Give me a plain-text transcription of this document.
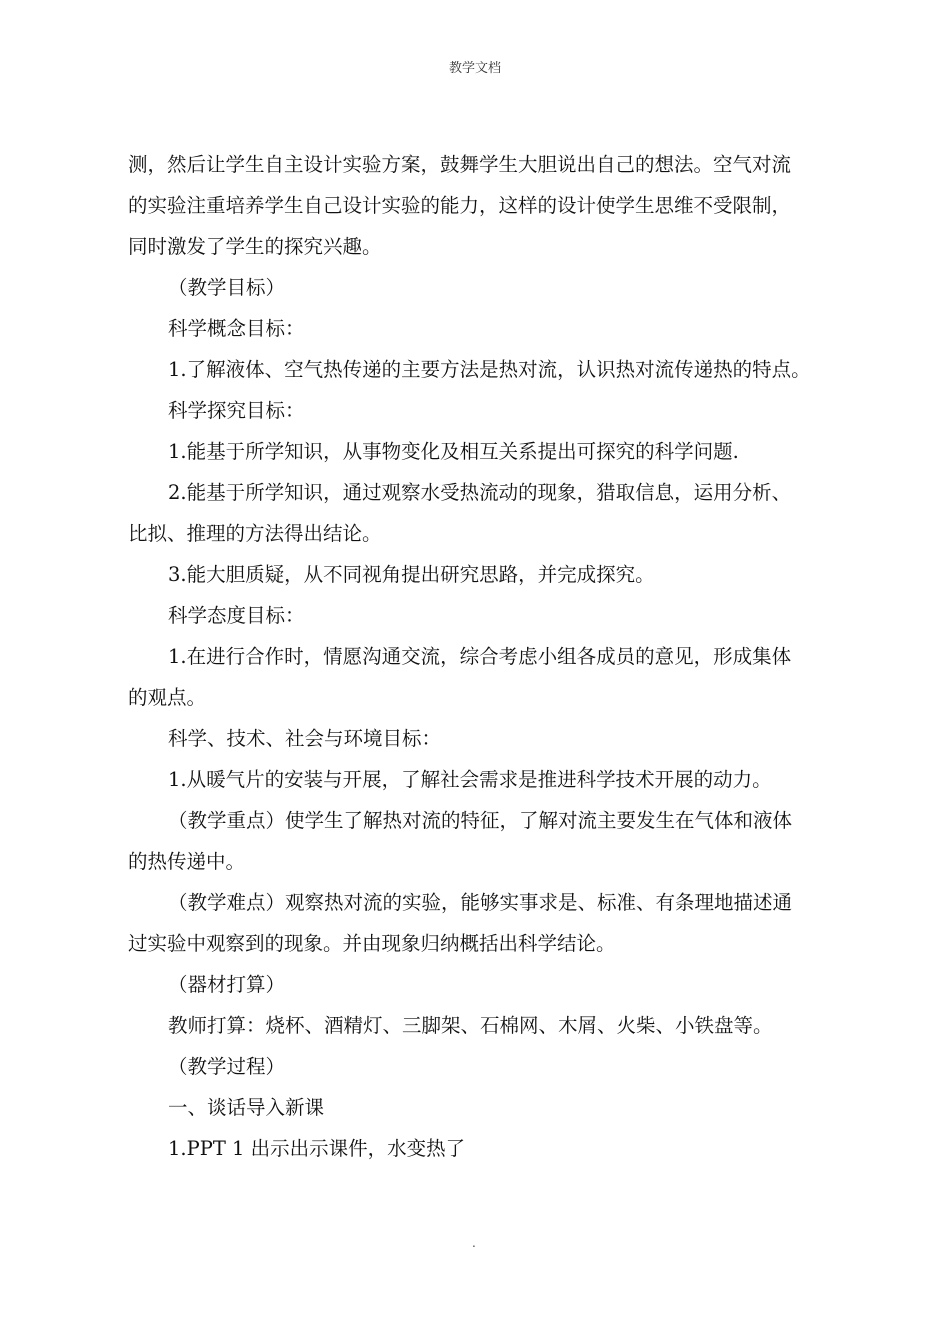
教学文档

测，然后让学生自主设计实验方案，鼓舞学生大胆说出自己的想法。空气对流

的实验注重培养学生自己设计实验的能力，这样的设计使学生思维不受限制，

同时激发了学生的探究兴趣。

（教学目标）

科学概念目标：

1.了解液体、空气热传递的主要方法是热对流，认识热对流传递热的特点。

科学探究目标：

1.能基于所学知识，从事物变化及相互关系提出可探究的科学问题.

2.能基于所学知识，通过观察水受热流动的现象，猎取信息，运用分析、

比拟、推理的方法得出结论。

3.能大胆质疑，从不同视角提出研究思路，并完成探究。

科学态度目标：

1.在进行合作时，情愿沟通交流，综合考虑小组各成员的意见，形成集体

的观点。

科学、技术、社会与环境目标：

1.从暖气片的安装与开展，了解社会需求是推进科学技术开展的动力。

（教学重点）使学生了解热对流的特征，了解对流主要发生在气体和液体

的热传递中。

（教学难点）观察热对流的实验，能够实事求是、标准、有条理地描述通

过实验中观察到的现象。并由现象归纳概括出科学结论。

（器材打算）

教师打算：烧杯、酒精灯、三脚架、石棉网、木屑、火柴、小铁盘等。

（教学过程）

一、谈话导入新课

1.PPT 1 出示出示课件，水变热了

.
